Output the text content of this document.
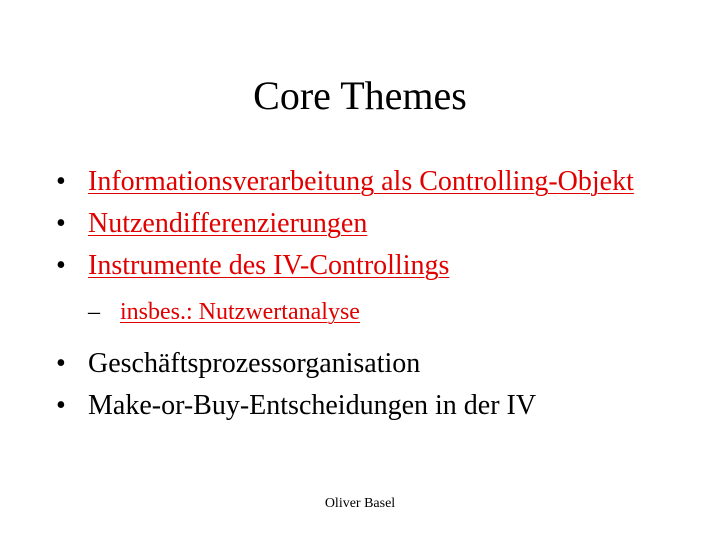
Core Themes
• Informationsverarbeitung als Controlling-Objekt
• Nutzendifferenzierungen
• Instrumente des IV-Controllings
– insbes.: Nutzwertanalyse
• Geschäftsprozessorganisation
• Make-or-Buy-Entscheidungen in der IV
Oliver Basel
